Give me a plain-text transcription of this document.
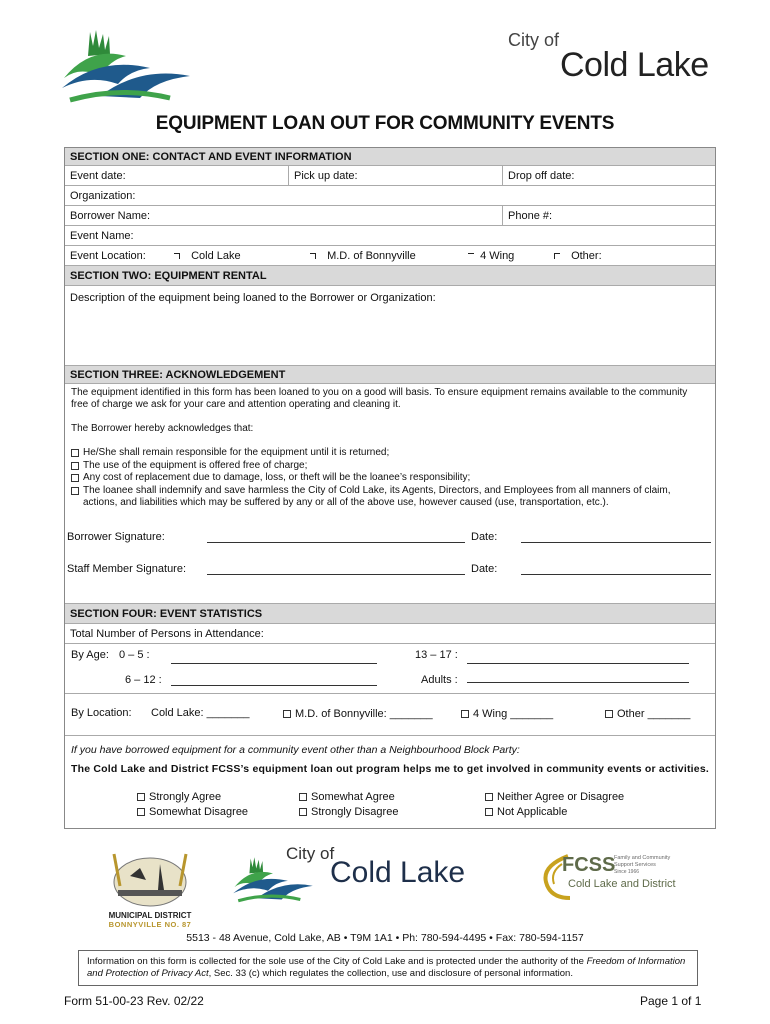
City of
Cold Lake
EQUIPMENT LOAN OUT FOR COMMUNITY EVENTS
SECTION ONE: CONTACT AND EVENT INFORMATION
Event date:	Pick up date:	Drop off date:
Organization:
Borrower Name:	Phone #:
Event Name:
Event Location:	Cold Lake	M.D. of Bonnyville	4 Wing	Other:
SECTION TWO: EQUIPMENT RENTAL
Description of the equipment being loaned to the Borrower or Organization:
SECTION THREE: ACKNOWLEDGEMENT
The equipment identified in this form has been loaned to you on a good will basis. To ensure equipment remains available to the community free of charge we ask for your care and attention operating and cleaning it.
The Borrower hereby acknowledges that:
He/She shall remain responsible for the equipment until it is returned;
The use of the equipment is offered free of charge;
Any cost of replacement due to damage, loss, or theft will be the loanee’s responsibility;
The loanee shall indemnify and save harmless the City of Cold Lake, its Agents, Directors, and Employees from all manners of claim, actions, and liabilities which may be suffered by any or all of the above use, however caused (use, transportation, etc.).
Borrower Signature:	Date:
Staff Member Signature:	Date:
SECTION FOUR: EVENT STATISTICS
Total Number of Persons in Attendance:
By Age: 0 – 5 :	13 – 17 :
6 – 12 :	Adults :
By Location: Cold Lake: _______	M.D. of Bonnyville: _______	4 Wing _______	Other _______
If you have borrowed equipment for a community event other than a Neighbourhood Block Party:
The Cold Lake and District FCSS’s equipment loan out program helps me to get involved in community events or activities.
Strongly Agree	Somewhat Agree	Neither Agree or Disagree
Somewhat Disagree	Strongly Disagree	Not Applicable
MUNICIPAL DISTRICT
BONNYVILLE NO. 87
City of
Cold Lake	FCSS
Family and Community
Support Services
Since 1966
Cold Lake and District
5513 - 48 Avenue, Cold Lake, AB • T9M 1A1 • Ph: 780-594-4495 • Fax: 780-594-1157
Information on this form is collected for the sole use of the City of Cold Lake and is protected under the authority of the Freedom of Information and Protection of Privacy Act, Sec. 33 (c) which regulates the collection, use and disclosure of personal information.
Form 51-00-23 Rev. 02/22	Page 1 of 1
